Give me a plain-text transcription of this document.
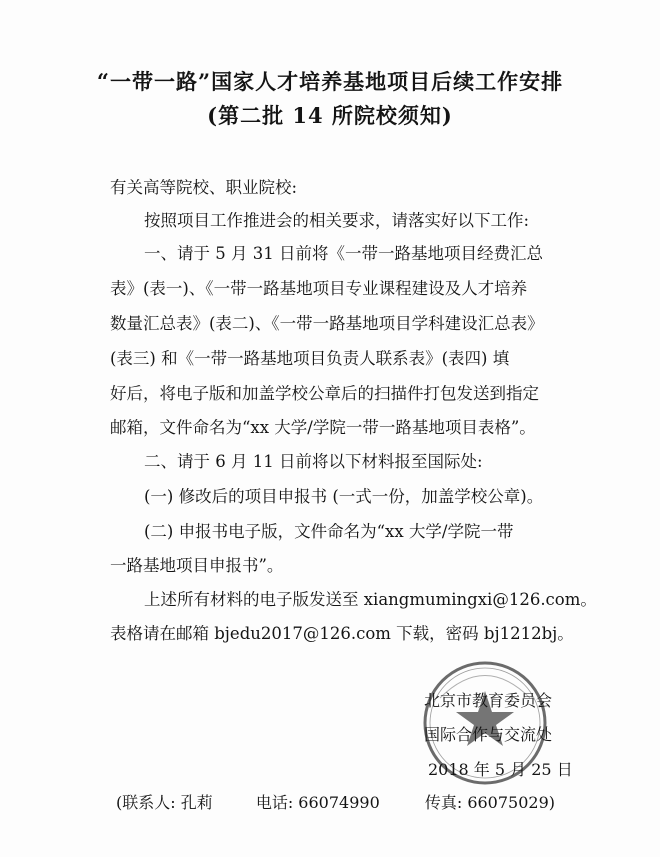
“一带一路”国家人才培养基地项目后续工作安排
(第二批 14 所院校须知)
有关高等院校、职业院校:
按照项目工作推进会的相关要求，请落实好以下工作:
一、请于 5 月 31 日前将《一带一路基地项目经费汇总
表》(表一)、《一带一路基地项目专业课程建设及人才培养
数量汇总表》(表二)、《一带一路基地项目学科建设汇总表》
(表三) 和《一带一路基地项目负责人联系表》(表四) 填
好后，将电子版和加盖学校公章后的扫描件打包发送到指定
邮箱，文件命名为“xx 大学/学院一带一路基地项目表格”。
二、请于 6 月 11 日前将以下材料报至国际处:
(一) 修改后的项目申报书 (一式一份，加盖学校公章)。
(二) 申报书电子版，文件命名为“xx 大学/学院一带
一路基地项目申报书”。
上述所有材料的电子版发送至 xiangmumingxi@126.com。
表格请在邮箱 bjedu2017@126.com 下载，密码 bj1212bj。
北京市教育委员会
国际合作与交流处
2018 年 5 月 25 日
(联系人: 孔莉	电话: 66074990	传真: 66075029)
